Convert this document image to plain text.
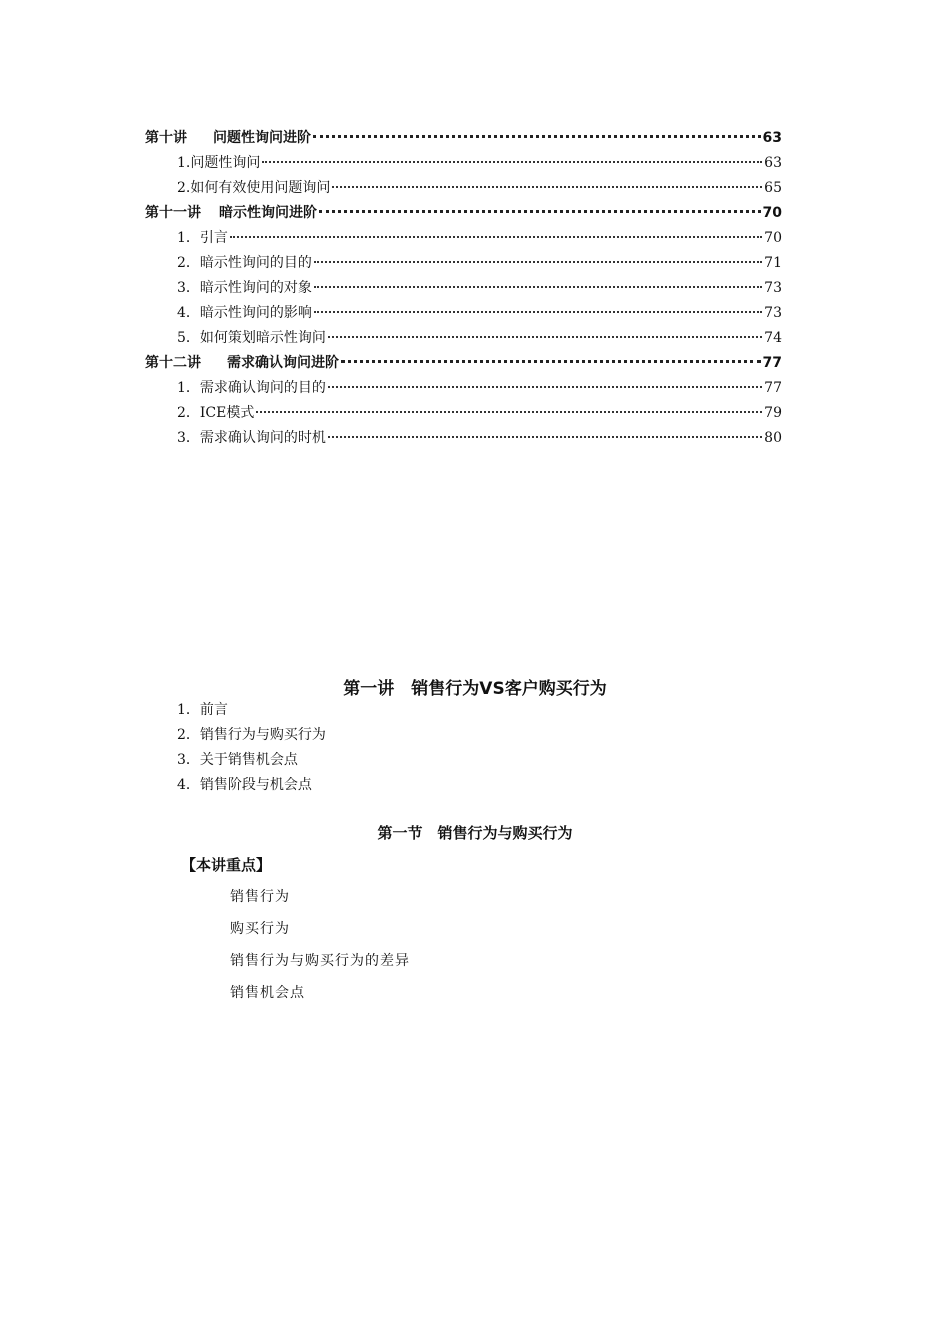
第十讲 问题性询问进阶	63
1.问题性询问	63
2.如何有效使用问题询问	65
第十一讲 暗示性询问进阶	70
1．引言	70
2．暗示性询问的目的	71
3．暗示性询问的对象	73
4．暗示性询问的影响	73
5．如何策划暗示性询问	74
第十二讲 需求确认询问进阶	77
1．需求确认询问的目的	77
2．ICE模式	79
3．需求确认询问的时机	80
第一讲　销售行为VS客户购买行为
1．前言
2．销售行为与购买行为
3．关于销售机会点
4．销售阶段与机会点
第一节　销售行为与购买行为
【本讲重点】
销售行为
购买行为
销售行为与购买行为的差异
销售机会点
